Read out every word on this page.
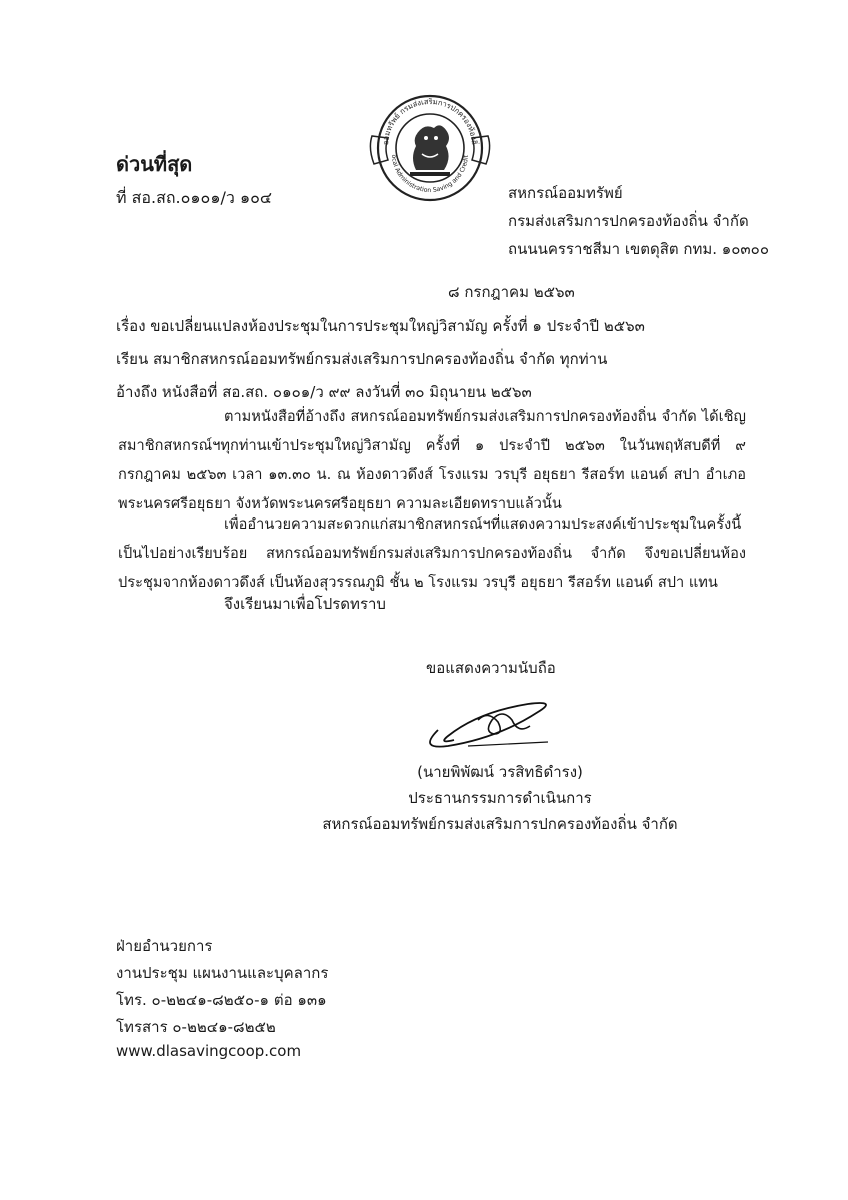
ออมทรัพย์ กรมส่งเสริมการปกครองท้องถิ่
ocal Administration Saving and Credit
ด่วนที่สุด
ที่ สอ.สถ.๐๑๐๑/ว ๑๐๔	สหกรณ์ออมทรัพย์
กรมส่งเสริมการปกครองท้องถิ่น จำกัด
ถนนนครราชสีมา เขตดุสิต กทม. ๑๐๓๐๐
๘ กรกฎาคม ๒๕๖๓
เรื่อง ขอเปลี่ยนแปลงห้องประชุมในการประชุมใหญ่วิสามัญ ครั้งที่ ๑ ประจำปี ๒๕๖๓
เรียน สมาชิกสหกรณ์ออมทรัพย์กรมส่งเสริมการปกครองท้องถิ่น จำกัด ทุกท่าน
อ้างถึง หนังสือที่ สอ.สถ. ๐๑๐๑/ว ๙๙ ลงวันที่ ๓๐ มิถุนายน ๒๕๖๓
ตามหนังสือที่อ้างถึง สหกรณ์ออมทรัพย์กรมส่งเสริมการปกครองท้องถิ่น จำกัด ได้เชิญสมาชิกสหกรณ์ฯทุกท่านเข้าประชุมใหญ่วิสามัญ ครั้งที่ ๑ ประจำปี ๒๕๖๓ ในวันพฤหัสบดีที่ ๙ กรกฎาคม ๒๕๖๓ เวลา ๑๓.๓๐ น. ณ ห้องดาวดึงส์ โรงแรม วรบุรี อยุธยา รีสอร์ท แอนด์ สปา อำเภอพระนครศรีอยุธยา จังหวัดพระนครศรีอยุธยา ความละเอียดทราบแล้วนั้น
เพื่ออำนวยความสะดวกแก่สมาชิกสหกรณ์ฯที่แสดงความประสงค์เข้าประชุมในครั้งนี้เป็นไปอย่างเรียบร้อย สหกรณ์ออมทรัพย์กรมส่งเสริมการปกครองท้องถิ่น จำกัด จึงขอเปลี่ยนห้องประชุมจากห้องดาวดึงส์ เป็นห้องสุวรรณภูมิ ชั้น ๒ โรงแรม วรบุรี อยุธยา รีสอร์ท แอนด์ สปา แทน
จึงเรียนมาเพื่อโปรดทราบ
ขอแสดงความนับถือ
(นายพิพัฒน์ วรสิทธิดำรง)
ประธานกรรมการดำเนินการ
สหกรณ์ออมทรัพย์กรมส่งเสริมการปกครองท้องถิ่น จำกัด
ฝ่ายอำนวยการ
งานประชุม แผนงานและบุคลากร
โทร. ๐-๒๒๔๑-๘๒๕๐-๑ ต่อ ๑๓๑
โทรสาร ๐-๒๒๔๑-๘๒๕๒
www.dlasavingcoop.com
